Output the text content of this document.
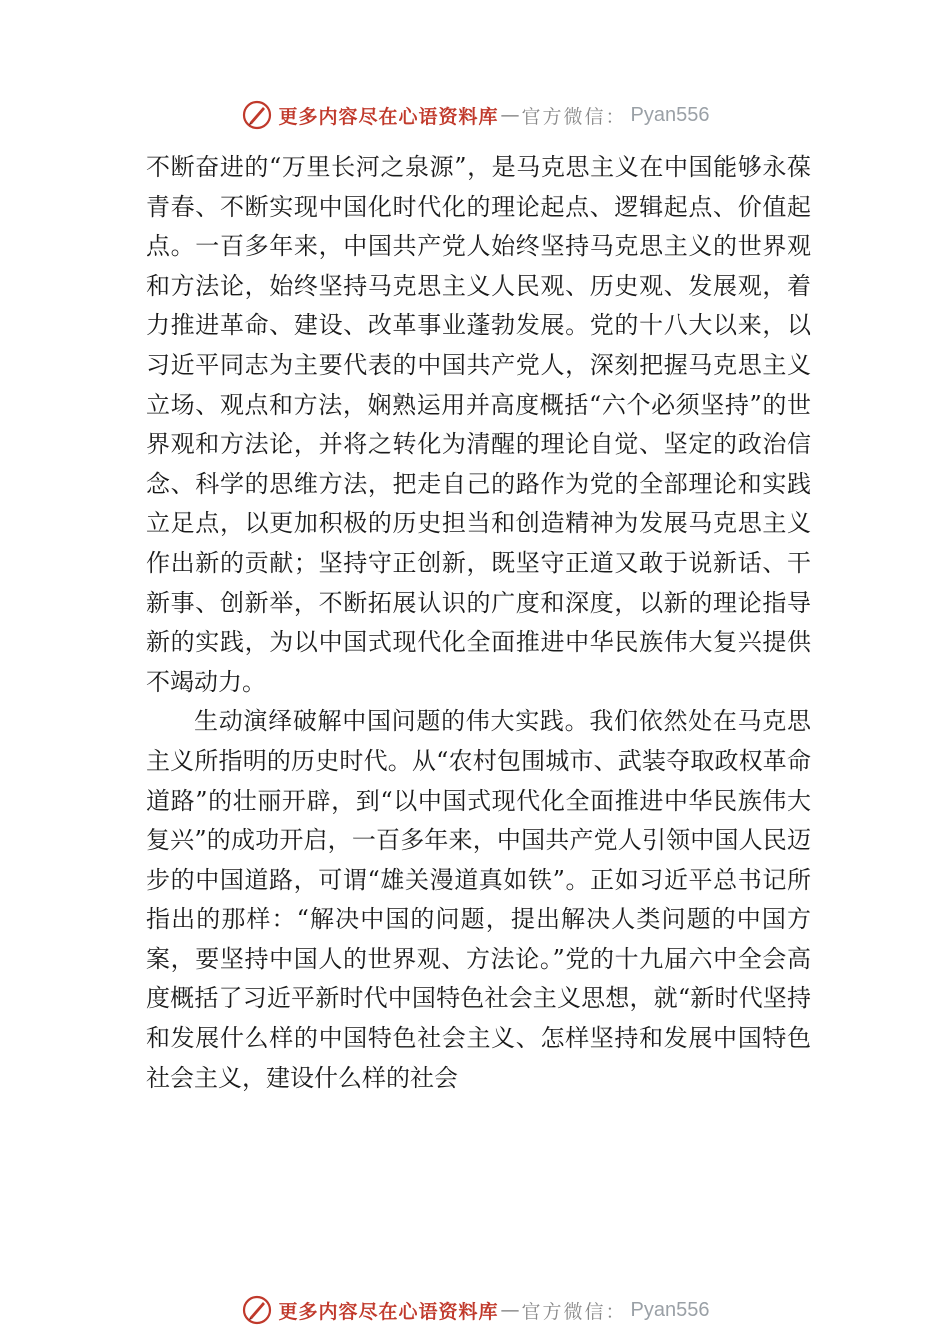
更多内容尽在心语资料库 — 官方微信： Pyan556

不断奋进的“万里长河之泉源”，是马克思主义在中国能够永葆青春、不断实现中国化时代化的理论起点、逻辑起点、价值起点。一百多年来，中国共产党人始终坚持马克思主义的世界观和方法论，始终坚持马克思主义人民观、历史观、发展观，着力推进革命、建设、改革事业蓬勃发展。党的十八大以来，以习近平同志为主要代表的中国共产党人，深刻把握马克思主义立场、观点和方法，娴熟运用并高度概括“六个必须坚持”的世界观和方法论，并将之转化为清醒的理论自觉、坚定的政治信念、科学的思维方法，把走自己的路作为党的全部理论和实践立足点，以更加积极的历史担当和创造精神为发展马克思主义作出新的贡献；坚持守正创新，既坚守正道又敢于说新话、干新事、创新举，不断拓展认识的广度和深度，以新的理论指导新的实践，为以中国式现代化全面推进中华民族伟大复兴提供不竭动力。

生动演绎破解中国问题的伟大实践。我们依然处在马克思主义所指明的历史时代。从“农村包围城市、武装夺取政权革命道路”的壮丽开辟，到“以中国式现代化全面推进中华民族伟大复兴”的成功开启，一百多年来，中国共产党人引领中国人民迈步的中国道路，可谓“雄关漫道真如铁”。正如习近平总书记所指出的那样：“解决中国的问题，提出解决人类问题的中国方案，要坚持中国人的世界观、方法论。”党的十九届六中全会高度概括了习近平新时代中国特色社会主义思想，就“新时代坚持和发展什么样的中国特色社会主义、怎样坚持和发展中国特色社会主义，建设什么样的社会

更多内容尽在心语资料库 — 官方微信： Pyan556
